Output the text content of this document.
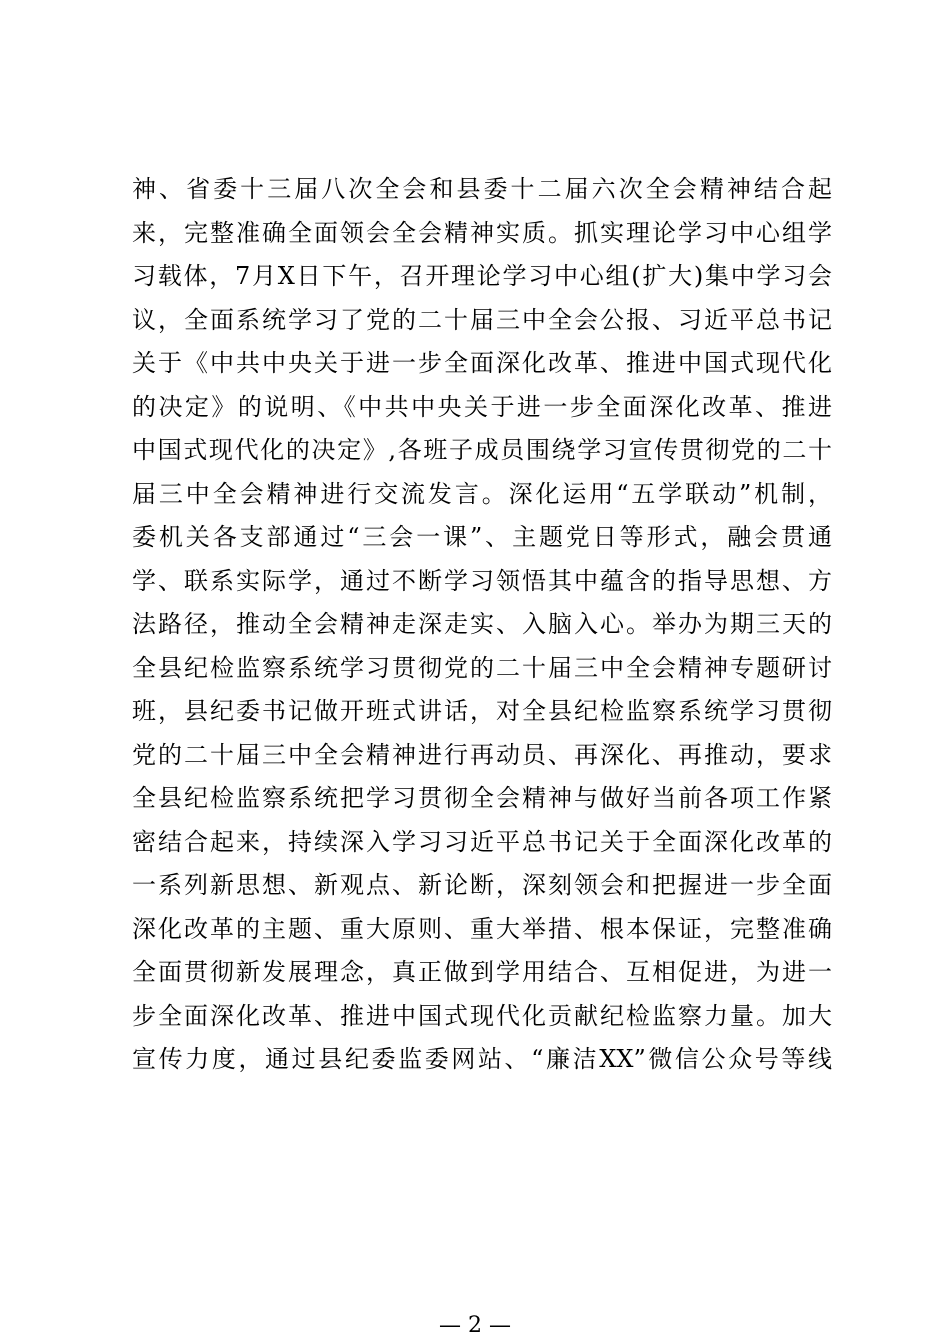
神、省委十三届八次全会和县委十二届六次全会精神结合起
来，完整准确全面领会全会精神实质。抓实理论学习中心组学
习载体，7月X日下午，召开理论学习中心组(扩大)集中学习会
议，全面系统学习了党的二十届三中全会公报、习近平总书记
关于《中共中央关于进一步全面深化改革、推进中国式现代化
的决定》的说明、《中共中央关于进一步全面深化改革、推进
中国式现代化的决定》,各班子成员围绕学习宣传贯彻党的二十
届三中全会精神进行交流发言。深化运用“五学联动”机制，
委机关各支部通过“三会一课”、主题党日等形式，融会贯通
学、联系实际学，通过不断学习领悟其中蕴含的指导思想、方
法路径，推动全会精神走深走实、入脑入心。举办为期三天的
全县纪检监察系统学习贯彻党的二十届三中全会精神专题研讨
班，县纪委书记做开班式讲话，对全县纪检监察系统学习贯彻
党的二十届三中全会精神进行再动员、再深化、再推动，要求
全县纪检监察系统把学习贯彻全会精神与做好当前各项工作紧
密结合起来，持续深入学习习近平总书记关于全面深化改革的
一系列新思想、新观点、新论断，深刻领会和把握进一步全面
深化改革的主题、重大原则、重大举措、根本保证，完整准确
全面贯彻新发展理念，真正做到学用结合、互相促进，为进一
步全面深化改革、推进中国式现代化贡献纪检监察力量。加大
宣传力度，通过县纪委监委网站、“廉洁XX”微信公众号等线
— 2 —
